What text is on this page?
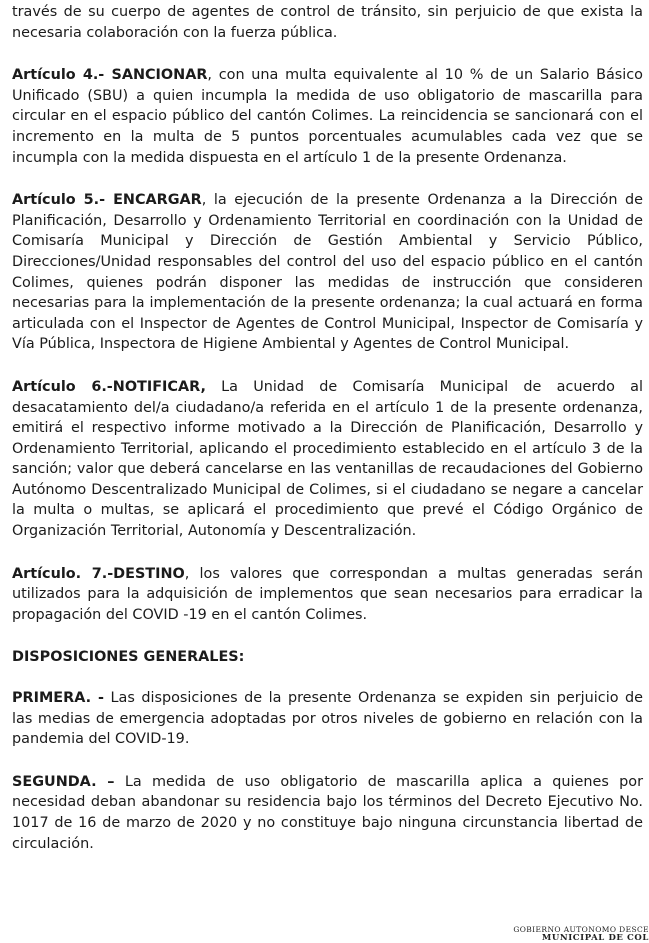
través de su cuerpo de agentes de control de tránsito, sin perjuicio de que exista la necesaria colaboración con la fuerza pública.

Artículo 4.- SANCIONAR, con una multa equivalente al 10 % de un Salario Básico Unificado (SBU) a quien incumpla la medida de uso obligatorio de mascarilla para circular en el espacio público del cantón Colimes. La reincidencia se sancionará con el incremento en la multa de 5 puntos porcentuales acumulables cada vez que se incumpla con la medida dispuesta en el artículo 1 de la presente Ordenanza.

Artículo 5.- ENCARGAR, la ejecución de la presente Ordenanza a la Dirección de Planificación, Desarrollo y Ordenamiento Territorial en coordinación con la Unidad de Comisaría Municipal y Dirección de Gestión Ambiental y Servicio Público, Direcciones/Unidad responsables del control del uso del espacio público en el cantón Colimes, quienes podrán disponer las medidas de instrucción que consideren necesarias para la implementación de la presente ordenanza; la cual actuará en forma articulada con el Inspector de Agentes de Control Municipal, Inspector de Comisaría y Vía Pública, Inspectora de Higiene Ambiental y Agentes de Control Municipal.

Artículo 6.-NOTIFICAR, La Unidad de Comisaría Municipal de acuerdo al desacatamiento del/a ciudadano/a referida en el artículo 1 de la presente ordenanza, emitirá el respectivo informe motivado a la Dirección de Planificación, Desarrollo y Ordenamiento Territorial, aplicando el procedimiento establecido en el artículo 3 de la sanción; valor que deberá cancelarse en las ventanillas de recaudaciones del Gobierno Autónomo Descentralizado Municipal de Colimes, si el ciudadano se negare a cancelar la multa o multas, se aplicará el procedimiento que prevé el Código Orgánico de Organización Territorial, Autonomía y Descentralización.

Artículo. 7.-DESTINO, los valores que correspondan a multas generadas serán utilizados para la adquisición de implementos que sean necesarios para erradicar la propagación del COVID -19 en el cantón Colimes.

DISPOSICIONES GENERALES:

PRIMERA. - Las disposiciones de la presente Ordenanza se expiden sin perjuicio de las medias de emergencia adoptadas por otros niveles de gobierno en relación con la pandemia del COVID-19.

SEGUNDA. – La medida de uso obligatorio de mascarilla aplica a quienes por necesidad deban abandonar su residencia bajo los términos del Decreto Ejecutivo No. 1017 de 16 de marzo de 2020 y no constituye bajo ninguna circunstancia libertad de circulación.

GOBIERNO AUTONOMO DESCE
MUNICIPAL DE COL
